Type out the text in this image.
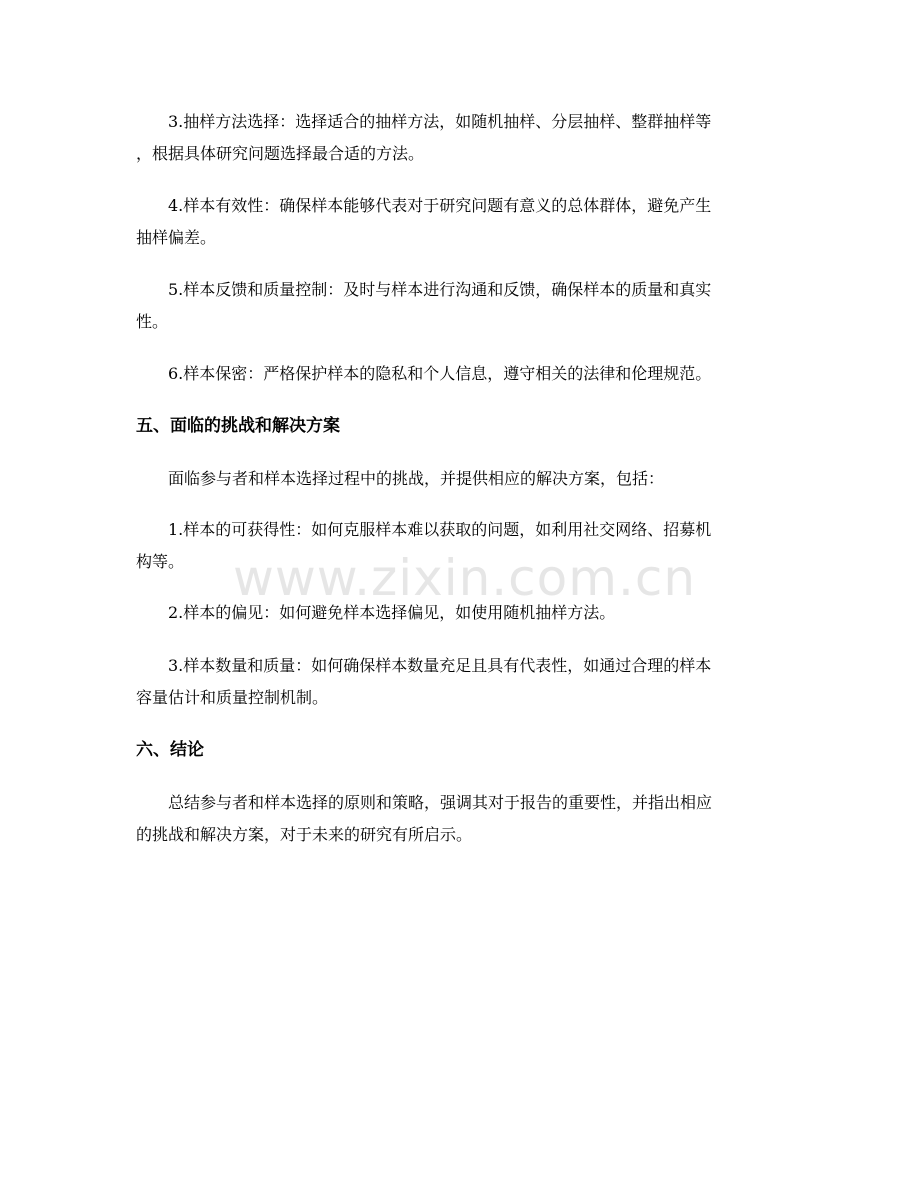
3.抽样方法选择：选择适合的抽样方法，如随机抽样、分层抽样、整群抽样等
，根据具体研究问题选择最合适的方法。

4.样本有效性：确保样本能够代表对于研究问题有意义的总体群体，避免产生
抽样偏差。

5.样本反馈和质量控制：及时与样本进行沟通和反馈，确保样本的质量和真实
性。

6.样本保密：严格保护样本的隐私和个人信息，遵守相关的法律和伦理规范。

五、面临的挑战和解决方案

面临参与者和样本选择过程中的挑战，并提供相应的解决方案，包括：

1.样本的可获得性：如何克服样本难以获取的问题，如利用社交网络、招募机
构等。

2.样本的偏见：如何避免样本选择偏见，如使用随机抽样方法。

3.样本数量和质量：如何确保样本数量充足且具有代表性，如通过合理的样本
容量估计和质量控制机制。

六、结论

总结参与者和样本选择的原则和策略，强调其对于报告的重要性，并指出相应
的挑战和解决方案，对于未来的研究有所启示。

www.zixin.com.cn
